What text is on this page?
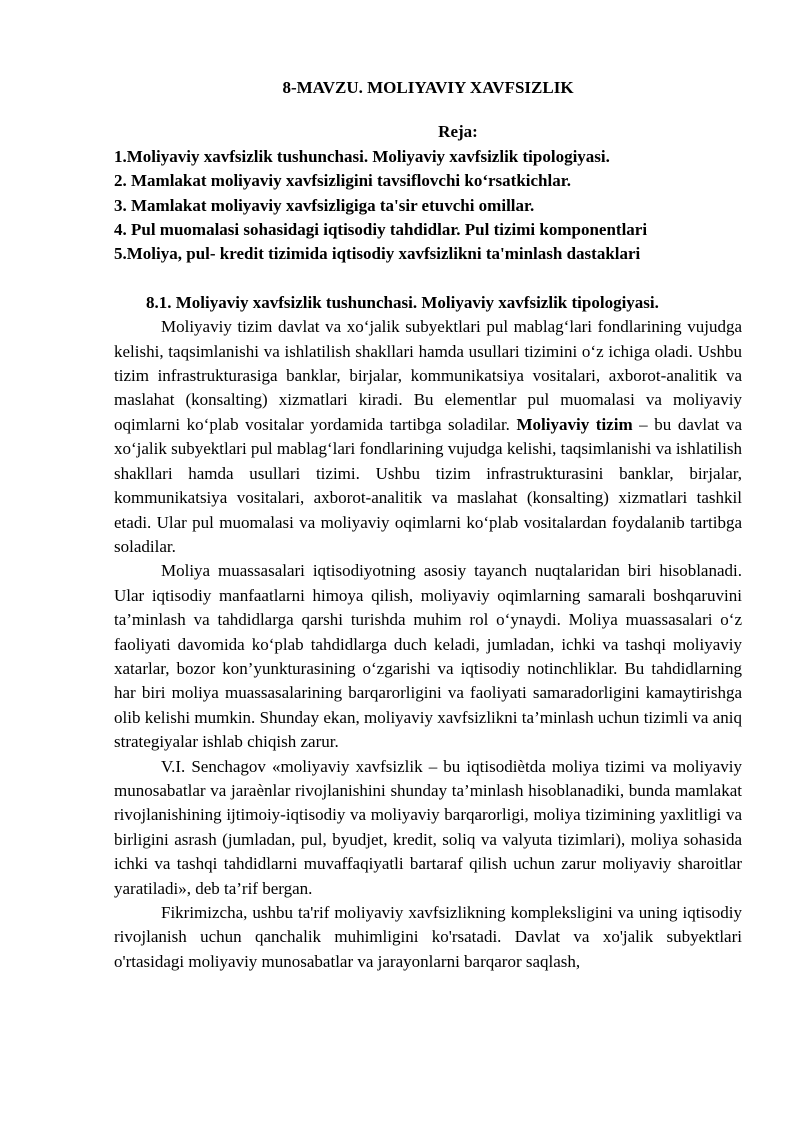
8-MAVZU. MOLIYAVIY XAVFSIZLIK
Reja:
1.Moliyaviy xavfsizlik tushunchasi. Moliyaviy xavfsizlik tipologiyasi.
2. Mamlakat moliyaviy xavfsizligini tavsiflovchi ko‘rsatkichlar.
3. Mamlakat moliyaviy xavfsizligiga ta'sir etuvchi omillar.
4. Pul muomalasi sohasidagi iqtisodiy tahdidlar. Pul tizimi komponentlari
5.Moliya, pul- kredit tizimida iqtisodiy xavfsizlikni ta'minlash dastaklari
8.1. Moliyaviy xavfsizlik tushunchasi. Moliyaviy xavfsizlik tipologiyasi.

Moliyaviy tizim davlat va xo‘jalik subyektlari pul mablag‘lari fondlarining vujudga kelishi, taqsimlanishi va ishlatilish shakllari hamda usullari tizimini o‘z ichiga oladi. Ushbu tizim infrastrukturasiga banklar, birjalar, kommunikatsiya vositalari, axborot-analitik va maslahat (konsalting) xizmatlari kiradi. Bu elementlar pul muomalasi va moliyaviy oqimlarni ko‘plab vositalar yordamida tartibga soladilar. Moliyaviy tizim – bu davlat va xo‘jalik subyektlari pul mablag‘lari fondlarining vujudga kelishi, taqsimlanishi va ishlatilish shakllari hamda usullari tizimi. Ushbu tizim infrastrukturasini banklar, birjalar, kommunikatsiya vositalari, axborot-analitik va maslahat (konsalting) xizmatlari tashkil etadi. Ular pul muomalasi va moliyaviy oqimlarni ko‘plab vositalardan foydalanib tartibga soladilar.

Moliya muassasalari iqtisodiyotning asosiy tayanch nuqtalaridan biri hisoblanadi. Ular iqtisodiy manfaatlarni himoya qilish, moliyaviy oqimlarning samarali boshqaruvini ta’minlash va tahdidlarga qarshi turishda muhim rol o‘ynaydi. Moliya muassasalari o‘z faoliyati davomida ko‘plab tahdidlarga duch keladi, jumladan, ichki va tashqi moliyaviy xatarlar, bozor kon’yunkturasining o‘zgarishi va iqtisodiy notinchliklar. Bu tahdidlarning har biri moliya muassasalarining barqarorligini va faoliyati samaradorligini kamaytirishga olib kelishi mumkin. Shunday ekan, moliyaviy xavfsizlikni ta’minlash uchun tizimli va aniq strategiyalar ishlab chiqish zarur.

V.I. Senchagov «moliyaviy xavfsizlik – bu iqtisodiètda moliya tizimi va moliyaviy munosabatlar va jaraènlar rivojlanishini shunday ta’minlash hisoblanadiki, bunda mamlakat rivojlanishining ijtimoiy-iqtisodiy va moliyaviy barqarorligi, moliya tizimining yaxlitligi va birligini asrash (jumladan, pul, byudjet, kredit, soliq va valyuta tizimlari), moliya sohasida ichki va tashqi tahdidlarni muvaffaqiyatli bartaraf qilish uchun zarur moliyaviy sharoitlar yaratiladi», deb ta’rif bergan.

Fikrimizcha, ushbu ta'rif moliyaviy xavfsizlikning kompleksligini va uning iqtisodiy rivojlanish uchun qanchalik muhimligini ko'rsatadi. Davlat va xo'jalik subyektlari o'rtasidagi moliyaviy munosabatlar va jarayonlarni barqaror saqlash,
